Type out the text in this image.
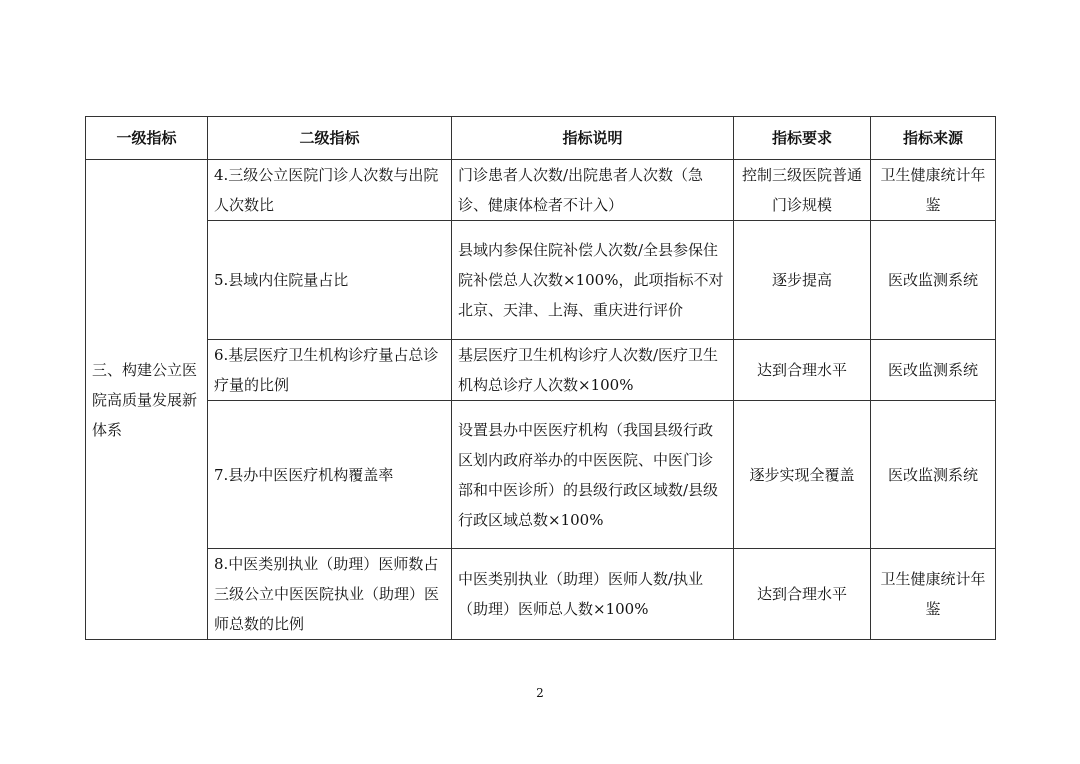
一级指标	二级指标	指标说明	指标要求	指标来源
三、构建公立医院高质量发展新体系	4.三级公立医院门诊人次数与出院人次数比	门诊患者人次数/出院患者人次数（急诊、健康体检者不计入）	控制三级医院普通门诊规模	卫生健康统计年鉴
	5.县域内住院量占比	县域内参保住院补偿人次数/全县参保住院补偿总人次数×100%，此项指标不对北京、天津、上海、重庆进行评价	逐步提高	医改监测系统
	6.基层医疗卫生机构诊疗量占总诊疗量的比例	基层医疗卫生机构诊疗人次数/医疗卫生机构总诊疗人次数×100%	达到合理水平	医改监测系统
	7.县办中医医疗机构覆盖率	设置县办中医医疗机构（我国县级行政区划内政府举办的中医医院、中医门诊部和中医诊所）的县级行政区域数/县级行政区域总数×100%	逐步实现全覆盖	医改监测系统
	8.中医类别执业（助理）医师数占三级公立中医医院执业（助理）医师总数的比例	中医类别执业（助理）医师人数/执业（助理）医师总人数×100%	达到合理水平	卫生健康统计年鉴
2
